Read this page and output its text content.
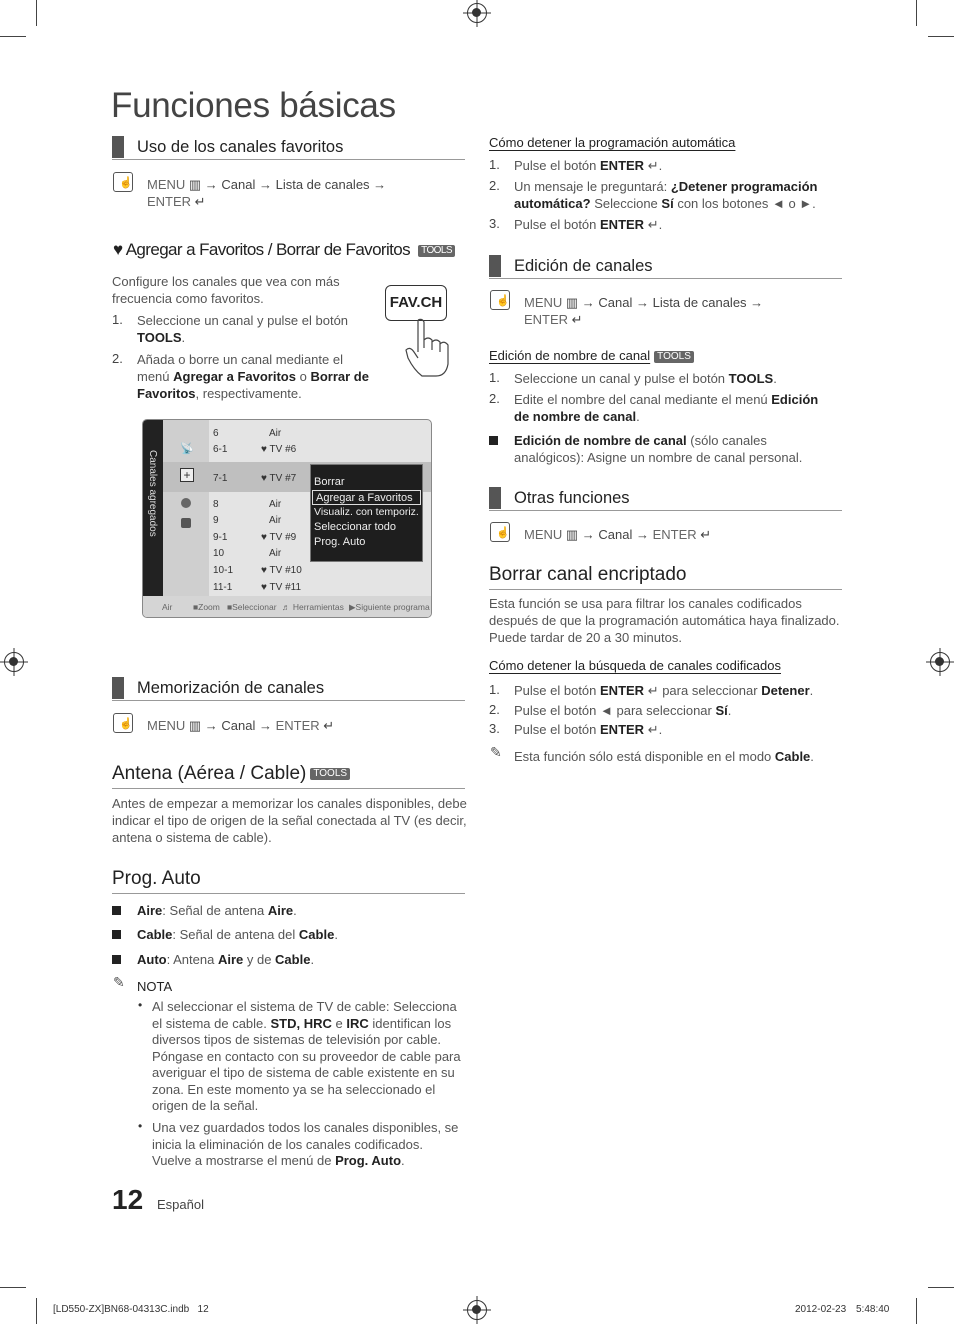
Funciones básicas
Uso de los canales favoritos
☝ MENU ▥ → Canal → Lista de canales →
ENTER ↵
♥ Agregar a Favoritos / Borrar de Favoritos TOOLS
Configure los canales que vea con más frecuencia como favoritos.
1. Seleccione un canal y pulse el botón TOOLS.
2. Añada o borre un canal mediante el menú Agregar a Favoritos o Borrar de Favoritos, respectivamente.
FAV.CH
Canales agregados
📡
+
6	Air
6-1	♥ TV #6
7-1	♥ TV #7
8	Air
9	Air
9-1	♥ TV #9
10	Air
10-1	♥ TV #10
11-1	♥ TV #11
Borrar
Agregar a Favoritos
Visualiz. con temporiz.
Seleccionar todo
Prog. Auto
Air ■Zoom ■Seleccionar ♬ Herramientas ▶Siguiente programa
Memorización de canales
☝ MENU ▥ → Canal → ENTER ↵
Antena (Aérea / Cable) TOOLS
Antes de empezar a memorizar los canales disponibles, debe indicar el tipo de origen de la señal conectada al TV (es decir, antena o sistema de cable).
Prog. Auto
Aire: Señal de antena Aire.
Cable: Señal de antena del Cable.
Auto: Antena Aire y de Cable.
✎ NOTA
• Al seleccionar el sistema de TV de cable: Selecciona el sistema de cable. STD, HRC e IRC identifican los diversos tipos de sistemas de televisión por cable. Póngase en contacto con su proveedor de cable para averiguar el tipo de sistema de cable existente en su zona. En este momento ya se ha seleccionado el origen de la señal.
• Una vez guardados todos los canales disponibles, se inicia la eliminación de los canales codificados. Vuelve a mostrarse el menú de Prog. Auto.
Cómo detener la programación automática
1. Pulse el botón ENTER ↵.
2. Un mensaje le preguntará: ¿Detener programación automática? Seleccione Sí con los botones ◄ o ►.
3. Pulse el botón ENTER ↵.
Edición de canales
☝ MENU ▥ → Canal → Lista de canales →
ENTER ↵
Edición de nombre de canal TOOLS
1. Seleccione un canal y pulse el botón TOOLS.
2. Edite el nombre del canal mediante el menú Edición de nombre de canal.
Edición de nombre de canal (sólo canales analógicos): Asigne un nombre de canal personal.
Otras funciones
☝ MENU ▥ → Canal → ENTER ↵
Borrar canal encriptado
Esta función se usa para filtrar los canales codificados después de que la programación automática haya finalizado. Puede tardar de 20 a 30 minutos.
Cómo detener la búsqueda de canales codificados
1. Pulse el botón ENTER ↵ para seleccionar Detener.
2. Pulse el botón ◄ para seleccionar Sí.
3. Pulse el botón ENTER ↵.
✎ Esta función sólo está disponible en el modo Cable.
12 Español
[LD550-ZX]BN68-04313C.indb   12	2012-02-23 5:48:40
